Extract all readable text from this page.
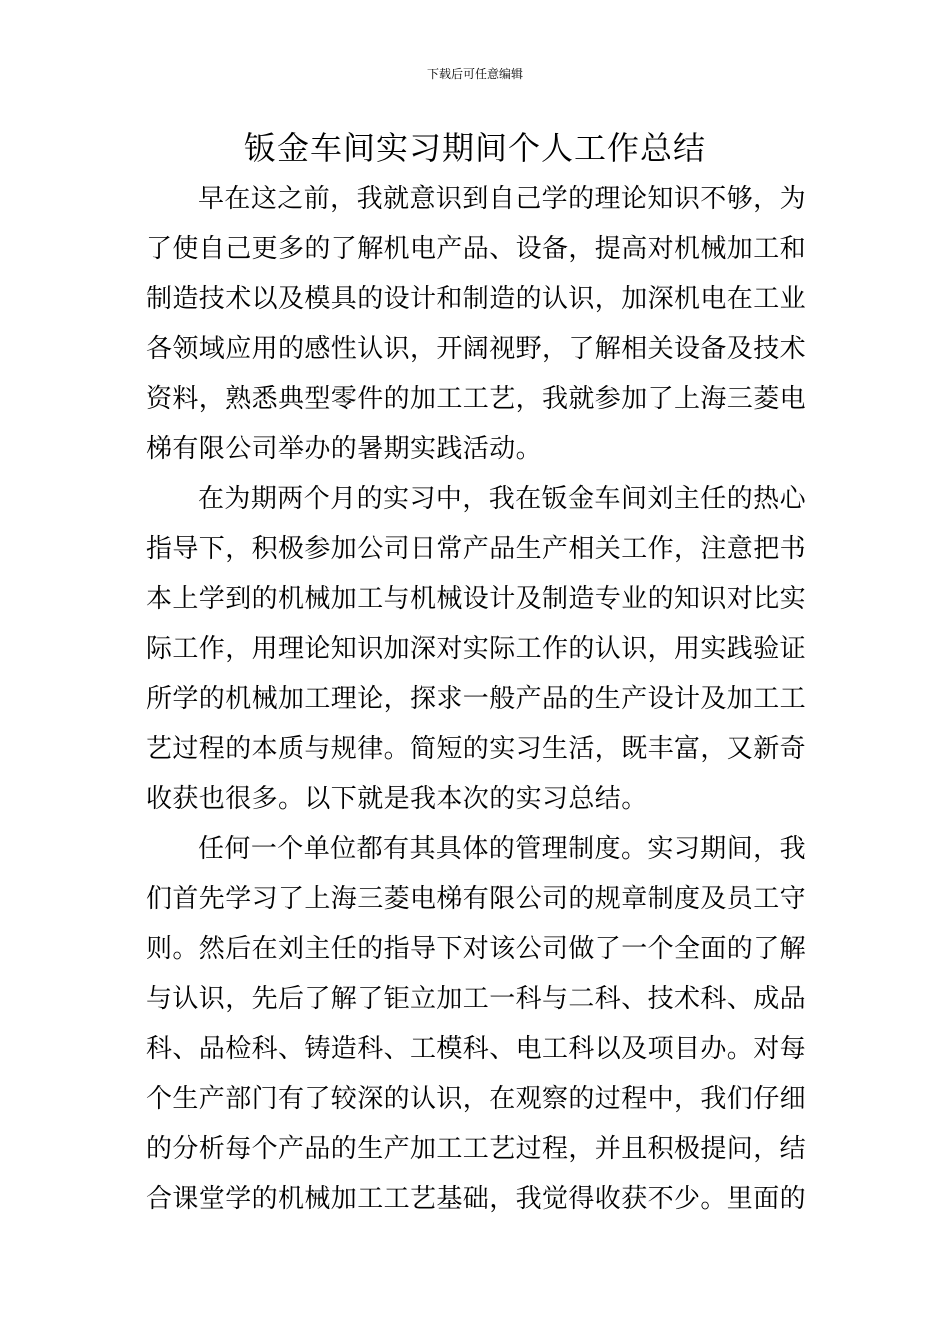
下载后可任意编辑
钣金车间实习期间个人工作总结

早在这之前，我就意识到自己学的理论知识不够，为了使自己更多的了解机电产品、设备，提高对机械加工和制造技术以及模具的设计和制造的认识，加深机电在工业各领域应用的感性认识，开阔视野，了解相关设备及技术资料，熟悉典型零件的加工工艺，我就参加了上海三菱电梯有限公司举办的暑期实践活动。

在为期两个月的实习中，我在钣金车间刘主任的热心指导下，积极参加公司日常产品生产相关工作，注意把书本上学到的机械加工与机械设计及制造专业的知识对比实际工作，用理论知识加深对实际工作的认识，用实践验证所学的机械加工理论，探求一般产品的生产设计及加工工艺过程的本质与规律。简短的实习生活，既丰富，又新奇收获也很多。以下就是我本次的实习总结。

任何一个单位都有其具体的管理制度。实习期间，我们首先学习了上海三菱电梯有限公司的规章制度及员工守则。然后在刘主任的指导下对该公司做了一个全面的了解与认识，先后了解了钜立加工一科与二科、技术科、成品科、品检科、铸造科、工模科、电工科以及项目办。对每个生产部门有了较深的认识，在观察的过程中，我们仔细的分析每个产品的生产加工工艺过程，并且积极提问，结合课堂学的机械加工工艺基础，我觉得收获不少。里面的
